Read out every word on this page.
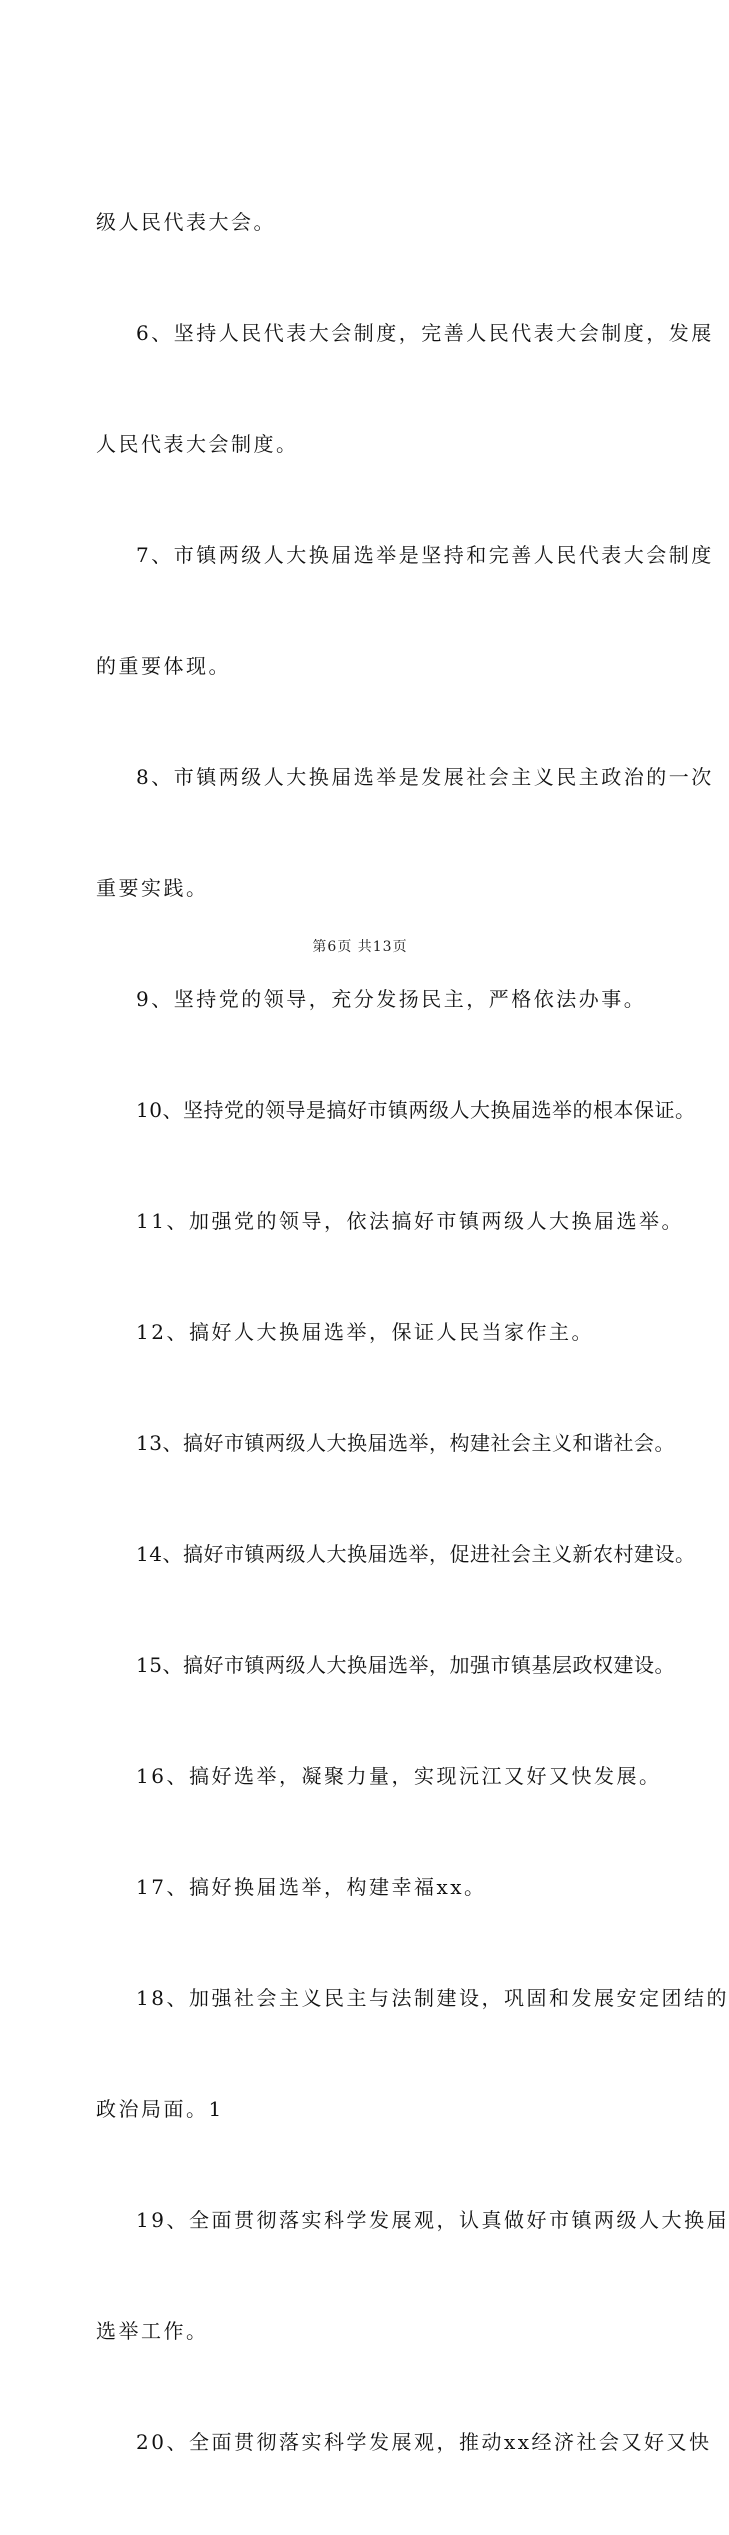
级人民代表大会。

6、坚持人民代表大会制度，完善人民代表大会制度，发展

人民代表大会制度。

7、市镇两级人大换届选举是坚持和完善人民代表大会制度

的重要体现。

8、市镇两级人大换届选举是发展社会主义民主政治的一次

重要实践。

9、坚持党的领导，充分发扬民主，严格依法办事。

10、坚持党的领导是搞好市镇两级人大换届选举的根本保证。

11、加强党的领导，依法搞好市镇两级人大换届选举。

12、搞好人大换届选举，保证人民当家作主。

13、搞好市镇两级人大换届选举，构建社会主义和谐社会。

14、搞好市镇两级人大换届选举，促进社会主义新农村建设。

15、搞好市镇两级人大换届选举，加强市镇基层政权建设。

16、搞好选举，凝聚力量，实现沅江又好又快发展。

17、搞好换届选举，构建幸福xx。

18、加强社会主义民主与法制建设，巩固和发展安定团结的

政治局面。1

19、全面贯彻落实科学发展观，认真做好市镇两级人大换届

选举工作。

20、全面贯彻落实科学发展观，推动xx经济社会又好又快

第6页 共13页
